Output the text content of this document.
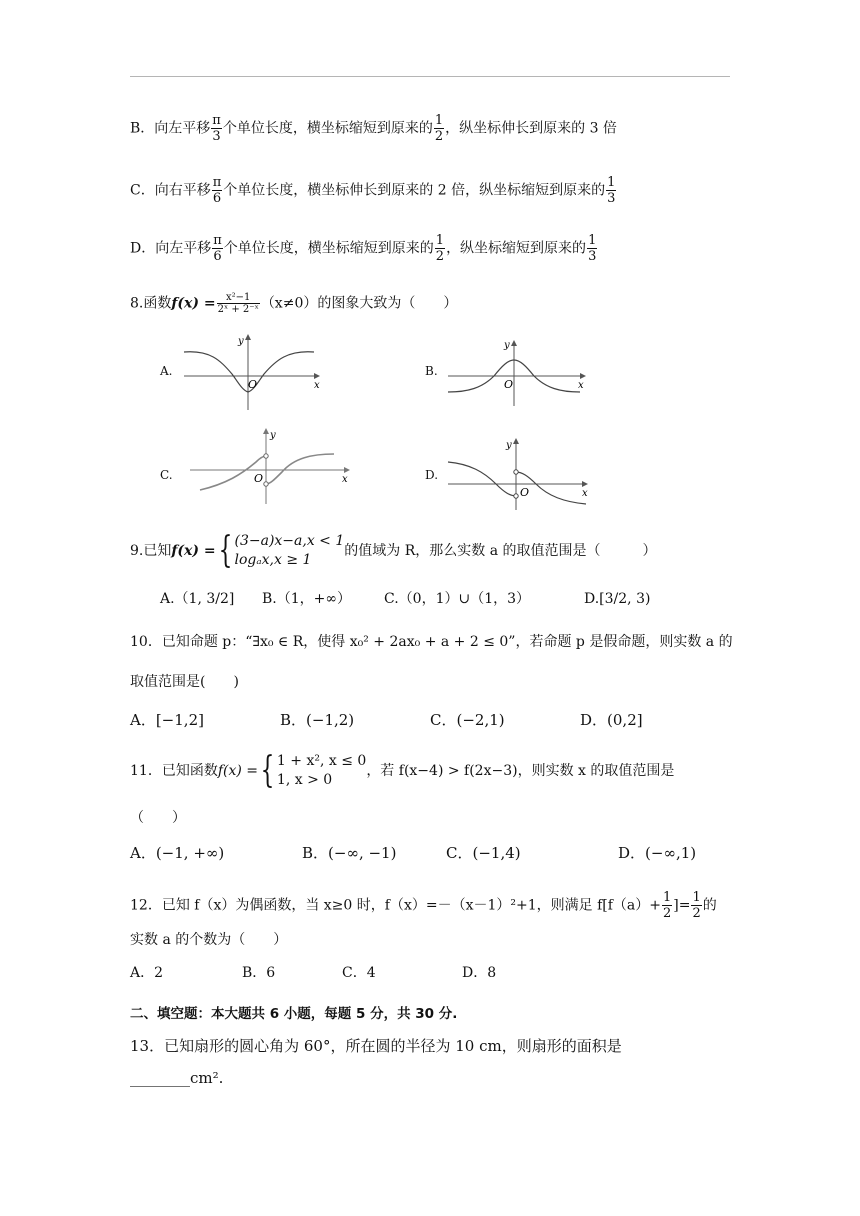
B．向左平移 $\frac{\pi}{3}$ 个单位长度，横坐标缩短到原来的 $\frac{1}{2}$ ，纵坐标伸长到原来的 3 倍
C．向右平移 $\frac{\pi}{6}$ 个单位长度，横坐标伸长到原来的 2 倍，纵坐标缩短到原来的 $\frac{1}{3}$
D．向左平移 $\frac{\pi}{6}$ 个单位长度，横坐标缩短到原来的 $\frac{1}{2}$ ，纵坐标缩短到原来的 $\frac{1}{3}$
8.函数$f(x) = \frac{\text{x²−1}}{\text{2ˣ + 2⁻ˣ}} (x\ne 0)$的图象大致为（　　）
A.
y
x
O
B.
y
x
O
C.
y
x
O	D.
y
x
O
9.已知f(x) ={ (3−a)x−a,x < 1
logₐx,x ≥ 1
的值域为 R，那么实数 a 的取值范围是（　　　）
A.（1, 3/2] B.（1，+∞） C.（0，1）∪（1，3）	D.[3/2, 3)
10．已知命题 p：“∃x₀ ∈ R，使得 x₀² + 2ax₀ + a + 2 ≤ 0”，若命题 p 是假命题，则实数 a 的
取值范围是(　　)
A．[−1,2]	B．(−1,2)	C．(−2,1)	D．(0,2]
11．已知函数f(x) ={ 1 + x², x ≤ 0
1, x > 0
，若 f(x−4) > f(2x−3)，则实数 x 的取值范围是
（　　）
A．(−1, +∞)	B．(−∞, −1)	C．(−1,4)	D．(−∞,1)
12．已知 f（x）为偶函数，当 x≥0 时，f（x）=－（x－1）²+1，则满足 $f[f(a)+ \frac{1}{2}$ ]= $\frac{1}{2}$ 的
实数 a 的个数为（　　）
A．2	B．6	C．4	D．8
二、填空题：本大题共 6 小题，每题 5 分，共 30 分.
13．已知扇形的圆心角为 60°，所在圆的半径为 10 cm，则扇形的面积是
________cm².
